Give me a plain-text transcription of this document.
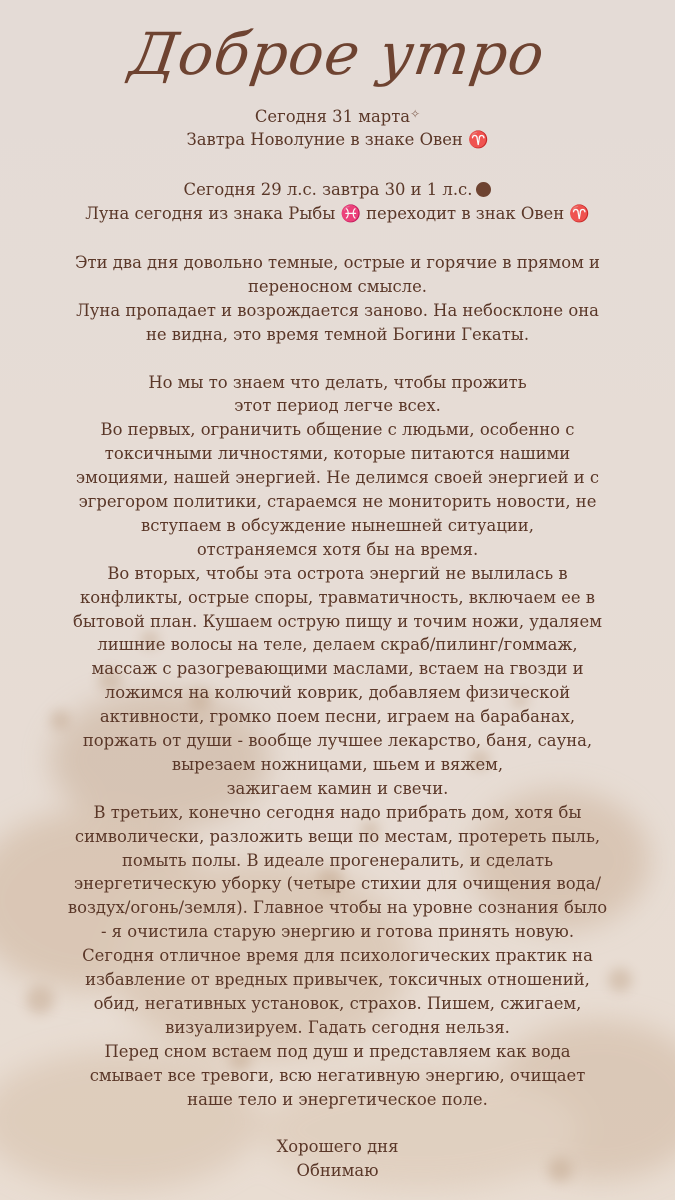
Доброе утро
Сегодня 31 марта✧
Завтра Новолуние в знаке Овен ♈
Сегодня 29 л.с. завтра 30 и 1 л.с.
Луна сегодня из знака Рыбы ♓ переходит в знак Овен ♈
Эти два дня довольно темные, острые и горячие в прямом и
переносном смысле.
Луна пропадает и возрождается заново. На небосклоне она
не видна, это время темной Богини Гекаты.
Но мы то знаем что делать, чтобы прожить
этот период легче всех.
Во первых, ограничить общение с людьми, особенно с
токсичными личностями, которые питаются нашими
эмоциями, нашей энергией. Не делимся своей энергией и с
эгрегором политики, стараемся не мониторить новости, не
вступаем в обсуждение нынешней ситуации,
отстраняемся хотя бы на время.
Во вторых, чтобы эта острота энергий не вылилась в
конфликты, острые споры, травматичность, включаем ее в
бытовой план. Кушаем острую пищу и точим ножи, удаляем
лишние волосы на теле, делаем скраб/пилинг/гоммаж,
массаж с разогревающими маслами, встаем на гвозди и
ложимся на колючий коврик, добавляем физической
активности, громко поем песни, играем на барабанах,
поржать от души - вообще лучшее лекарство, баня, сауна,
вырезаем ножницами, шьем и вяжем,
зажигаем камин и свечи.
В третьих, конечно сегодня надо прибрать дом, хотя бы
символически, разложить вещи по местам, протереть пыль,
помыть полы. В идеале прогенералить, и сделать
энергетическую уборку (четыре стихии для очищения вода/
воздух/огонь/земля). Главное чтобы на уровне сознания было
- я очистила старую энергию и готова принять новую.
Сегодня отличное время для психологических практик на
избавление от вредных привычек, токсичных отношений,
обид, негативных установок, страхов. Пишем, сжигаем,
визуализируем. Гадать сегодня нельзя.
Перед сном встаем под душ и представляем как вода
смывает все тревоги, всю негативную энергию, очищает
наше тело и энергетическое поле.
Хорошего дня
Обнимаю
